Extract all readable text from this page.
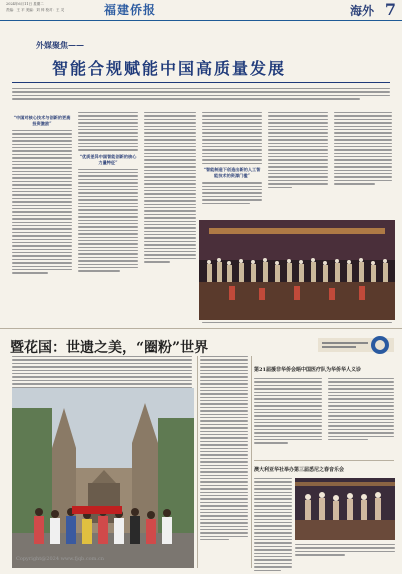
2024年6月11日 星期二
责编：王 平 美编：刘 帅 校对：王 灵	福建侨报	海外 7
外媒聚焦——
智能合规赋能中国高质量发展
“中国对核心技术与创新的更高投资激励”
“优质差异中国智能创新的核心力量特征”
“智能制造下创造出新的人工智能技术的资源门槛”
暨花国：世遗之美，“圈粉”世界
Copyright@2024 www.fjqb.com.cn
第21届援非华侨会晤中国医疗队为华侨华人义诊
澳大利亚华社举办第三届悉尼之春音乐会
